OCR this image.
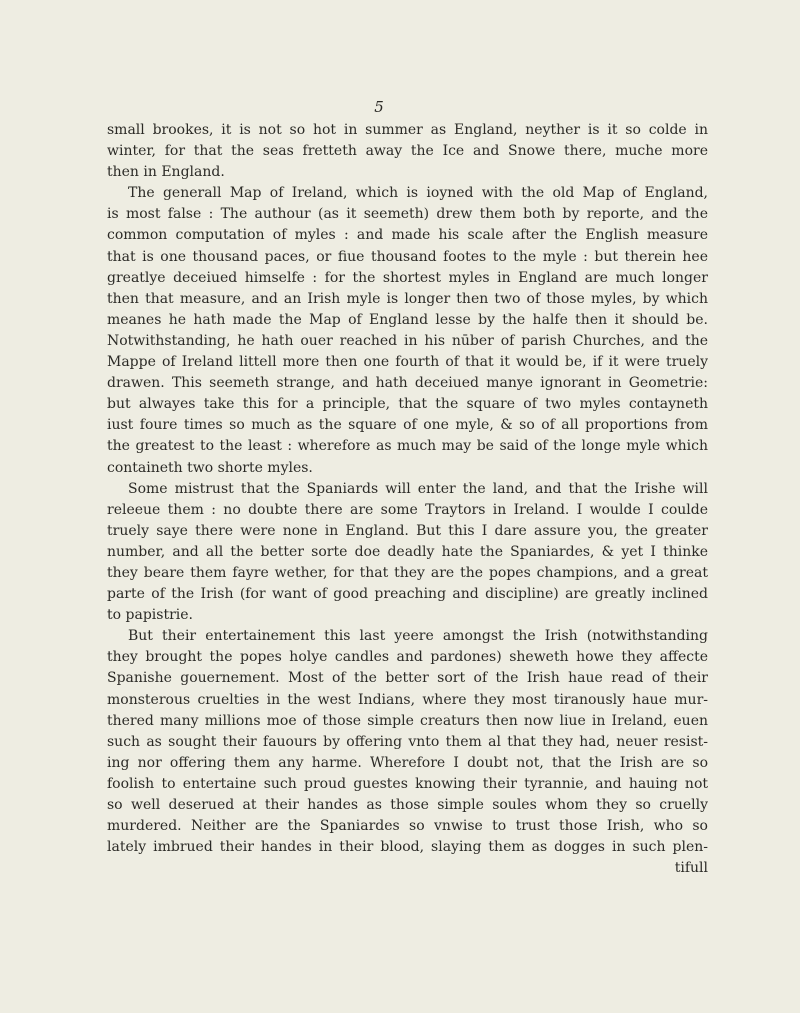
5
small brookes, it is not so hot in summer as England, neyther is it so colde in
winter, for that the seas fretteth away the Ice and Snowe there, muche more
then in England.
The generall Map of Ireland, which is ioyned with the old Map of England,
is most false : The authour (as it seemeth) drew them both by reporte, and the
common computation of myles : and made his scale after the English measure
that is one thousand paces, or fiue thousand footes to the myle : but therein hee
greatlye deceiued himselfe : for the shortest myles in England are much longer
then that measure, and an Irish myle is longer then two of those myles, by which
meanes he hath made the Map of England lesse by the halfe then it should be.
Notwithstanding, he hath ouer reached in his nūber of parish Churches, and the
Mappe of Ireland littell more then one fourth of that it would be, if it were truely
drawen. This seemeth strange, and hath deceiued manye ignorant in Geometrie:
but alwayes take this for a principle, that the square of two myles contayneth
iust foure times so much as the square of one myle, & so of all proportions from
the greatest to the least : wherefore as much may be said of the longe myle which
containeth two shorte myles.
Some mistrust that the Spaniards will enter the land, and that the Irishe will
releeue them : no doubte there are some Traytors in Ireland. I woulde I coulde
truely saye there were none in England. But this I dare assure you, the greater
number, and all the better sorte doe deadly hate the Spaniardes, & yet I thinke
they beare them fayre wether, for that they are the popes champions, and a great
parte of the Irish (for want of good preaching and discipline) are greatly inclined
to papistrie.
But their entertainement this last yeere amongst the Irish (notwithstanding
they brought the popes holye candles and pardones) sheweth howe they affecte
Spanishe gouernement. Most of the better sort of the Irish haue read of their
monsterous cruelties in the west Indians, where they most tiranously haue mur-
thered many millions moe of those simple creaturs then now liue in Ireland, euen
such as sought their fauours by offering vnto them al that they had, neuer resist-
ing nor offering them any harme. Wherefore I doubt not, that the Irish are so
foolish to entertaine such proud guestes knowing their tyrannie, and hauing not
so well deserued at their handes as those simple soules whom they so cruelly
murdered. Neither are the Spaniardes so vnwise to trust those Irish, who so
lately imbrued their handes in their blood, slaying them as dogges in such plen-
tifull
